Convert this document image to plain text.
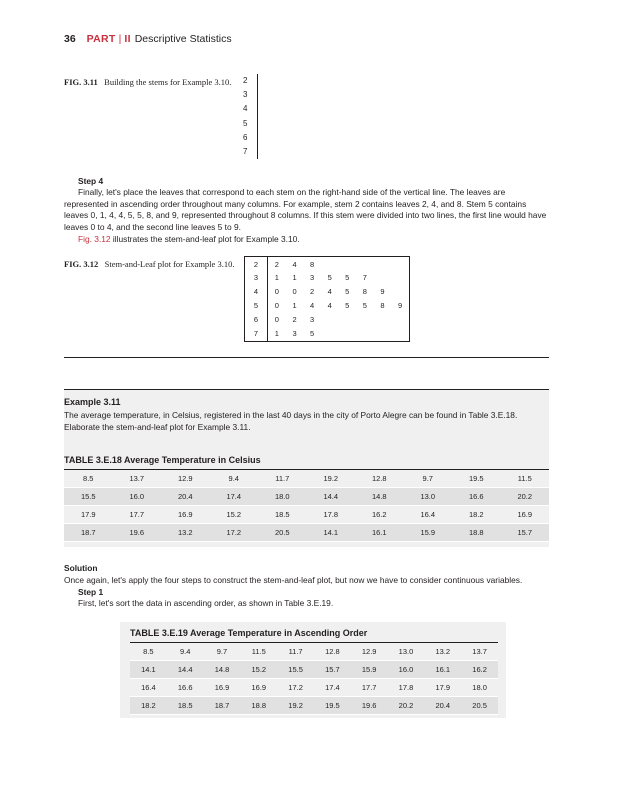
36 PART | II Descriptive Statistics
FIG. 3.11 Building the stems for Example 3.10. 2
3
4
5
6
7
Step 4
Finally, let's place the leaves that correspond to each stem on the right-hand side of the vertical line. The leaves are represented in ascending order throughout many columns. For example, stem 2 contains leaves 2, 4, and 8. Stem 5 contains leaves 0, 1, 4, 4, 5, 5, 8, and 9, represented throughout 8 columns. If this stem were divided into two lines, the first line would have leaves 0 to 4, and the second line leaves 5 to 9.
Fig. 3.12 illustrates the stem-and-leaf plot for Example 3.10.
FIG. 3.12 Stem-and-Leaf plot for Example 3.10.	2	2	4	8					
3	1	1	3	5	5	7		
4	0	0	2	4	5	8	9	
5	0	1	4	4	5	5	8	9
6	0	2	3					
7	1	3	5					
Example 3.11
The average temperature, in Celsius, registered in the last 40 days in the city of Porto Alegre can be found in Table 3.E.18. Elaborate the stem-and-leaf plot for Example 3.11.
TABLE 3.E.18 Average Temperature in Celsius
8.5	13.7	12.9	9.4	11.7	19.2	12.8	9.7	19.5	11.5
15.5	16.0	20.4	17.4	18.0	14.4	14.8	13.0	16.6	20.2
17.9	17.7	16.9	15.2	18.5	17.8	16.2	16.4	18.2	16.9
18.7	19.6	13.2	17.2	20.5	14.1	16.1	15.9	18.8	15.7
Solution
Once again, let's apply the four steps to construct the stem-and-leaf plot, but now we have to consider continuous variables.
Step 1
First, let's sort the data in ascending order, as shown in Table 3.E.19.
TABLE 3.E.19 Average Temperature in Ascending Order
8.5	9.4	9.7	11.5	11.7	12.8	12.9	13.0	13.2	13.7
14.1	14.4	14.8	15.2	15.5	15.7	15.9	16.0	16.1	16.2
16.4	16.6	16.9	16.9	17.2	17.4	17.7	17.8	17.9	18.0
18.2	18.5	18.7	18.8	19.2	19.5	19.6	20.2	20.4	20.5
